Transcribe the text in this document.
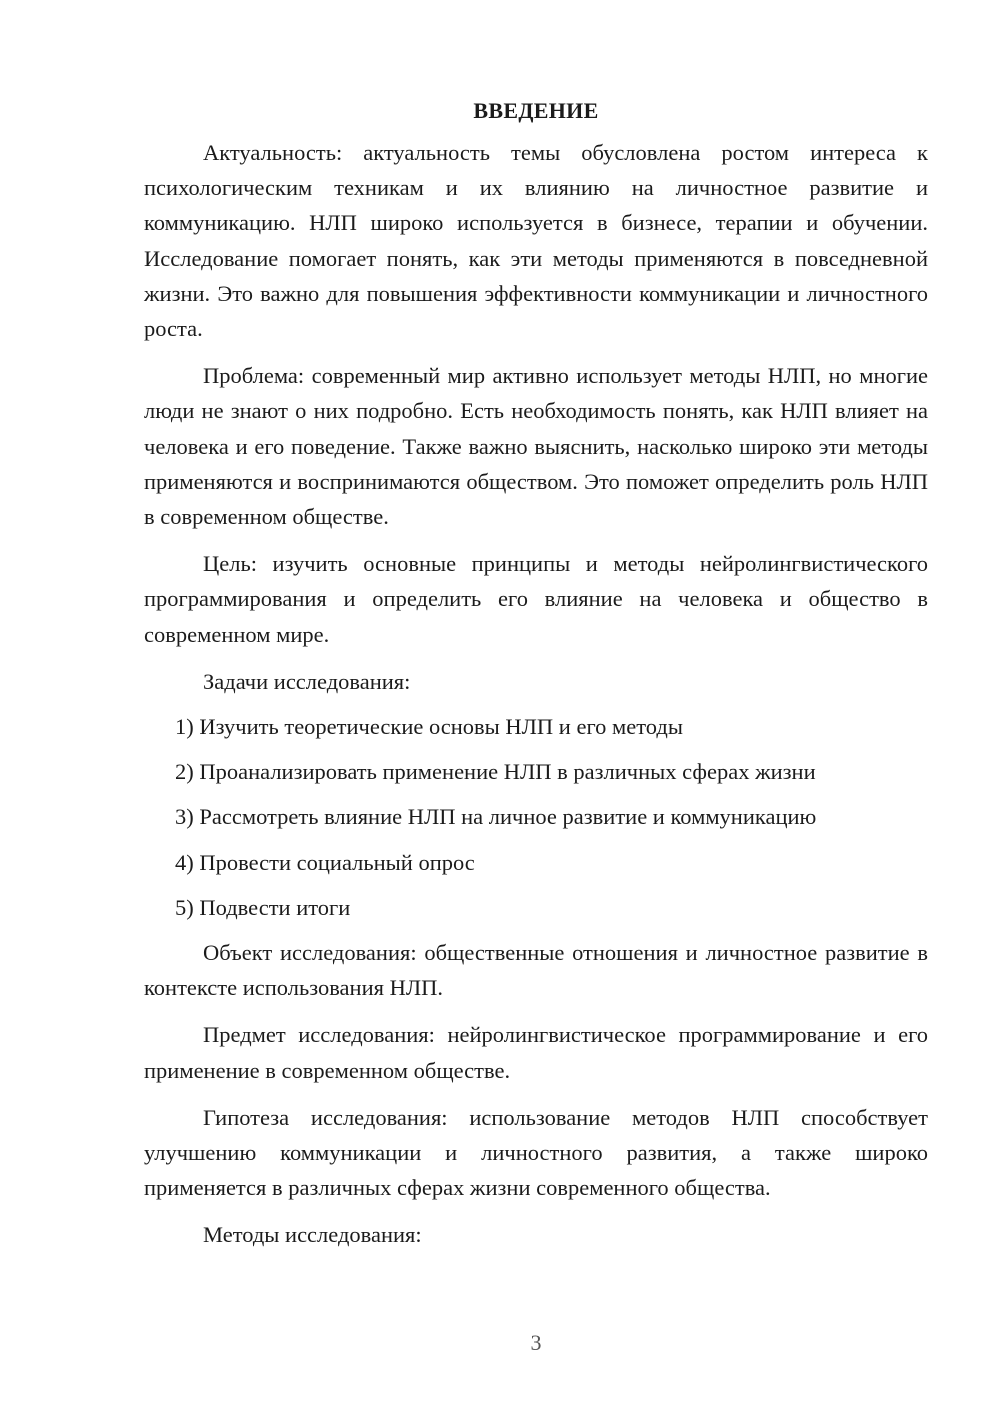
ВВЕДЕНИЕ

Актуальность: актуальность темы обусловлена ростом интереса к психологическим техникам и их влиянию на личностное развитие и коммуникацию. НЛП широко используется в бизнесе, терапии и обучении. Исследование помогает понять, как эти методы применяются в повседневной жизни. Это важно для повышения эффективности коммуникации и личностного роста.

Проблема: современный мир активно использует методы НЛП, но многие люди не знают о них подробно. Есть необходимость понять, как НЛП влияет на человека и его поведение. Также важно выяснить, насколько широко эти методы применяются и воспринимаются обществом. Это поможет определить роль НЛП в современном обществе.

Цель: изучить основные принципы и методы нейролингвистического программирования и определить его влияние на человека и общество в современном мире.

Задачи исследования:

1) Изучить теоретические основы НЛП и его методы
2) Проанализировать применение НЛП в различных сферах жизни
3) Рассмотреть влияние НЛП на личное развитие и коммуникацию
4) Провести социальный опрос
5) Подвести итоги

Объект исследования: общественные отношения и личностное развитие в контексте использования НЛП.

Предмет исследования: нейролингвистическое программирование и его применение в современном обществе.

Гипотеза исследования: использование методов НЛП способствует улучшению коммуникации и личностного развития, а также широко применяется в различных сферах жизни современного общества.

Методы исследования:

3
